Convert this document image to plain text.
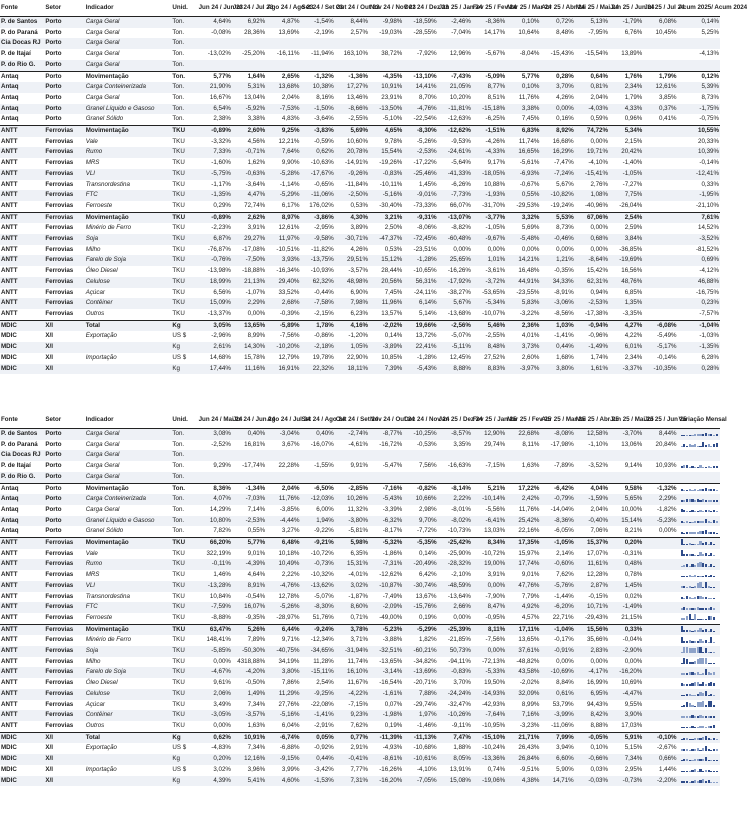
Fonte	Setor	Indicador	Unid.	Jun 24 / Jun 23	Jul 24 / Jul 23	Ago 24 / Ago 23	Set 24 / Set 23	Out 24 / Out 23	Nov 24 / Nov 23	Dez 24 / Dez 23	Jan 25 / Jan 24	Fev 25 / Fev 24	Mar 25 / Mar 24	Abr 25 / Abr 24	Mai 25 / Mai 24	Jun 25 / Jun 24	Jul 25 / Jul 24	Acum 2025/ Acum 2024
P. de Santos	Porto	Carga Geral	Ton.	4,64%	6,92%	4,87%	-1,54%	8,44%	-9,98%	-18,59%	-2,46%	-8,36%	0,10%	0,72%	5,13%	-1,79%	6,08%	0,14%
P. do Paraná	Porto	Carga Geral	Ton.	-0,08%	28,36%	13,69%	-2,19%	2,57%	-19,03%	-28,55%	-7,04%	14,17%	10,64%	8,48%	-7,95%	6,76%	10,45%	5,25%
Cia Docas RJ	Porto	Carga Geral	Ton.															
P. de Itajaí	Porto	Carga Geral	Ton.	-13,02%	-25,20%	-16,11%	-11,94%	163,10%	38,72%	-7,92%	12,96%	-5,67%	-8,04%	-15,43%	-15,54%	13,89%		-4,13%
P. do Rio G.	Porto	Carga Geral	Ton.															
Antaq	Porto	Movimentação	Ton.	5,77%	1,64%	2,65%	-1,32%	-1,36%	-4,35%	-13,10%	-7,43%	-5,09%	5,77%	0,28%	0,64%	1,76%	1,79%	0,12%
Antaq	Porto	Carga Conteinerizada	Ton.	21,90%	5,31%	13,68%	10,38%	17,27%	10,91%	14,41%	21,05%	8,77%	0,10%	3,70%	0,81%	2,34%	12,61%	5,39%
Antaq	Porto	Carga Geral	Ton.	16,67%	13,04%	2,04%	8,16%	13,46%	23,91%	8,70%	10,20%	8,51%	11,76%	4,26%	2,04%	1,79%	3,85%	8,73%
Antaq	Porto	Granel Líquido e Gasoso	Ton.	6,54%	-5,92%	-7,53%	-1,50%	-8,66%	-13,50%	-4,76%	-11,81%	-15,18%	3,38%	0,00%	-4,03%	4,33%	0,37%	-1,75%
Antaq	Porto	Granel Sólido	Ton.	2,38%	3,38%	4,83%	-3,64%	-2,55%	-5,10%	-22,54%	-12,63%	-6,25%	7,45%	0,16%	0,59%	0,96%	0,41%	-0,75%
ANTT	Ferrovias	Movimentação	TKU	-0,89%	2,60%	9,25%	-3,83%	5,69%	4,65%	-8,30%	-12,62%	-1,51%	6,83%	8,92%	74,72%	5,34%		10,55%
ANTT	Ferrovias	Vale	TKU	-3,32%	4,56%	12,21%	-0,59%	10,60%	9,78%	-5,26%	-9,53%	-4,26%	11,74%	16,68%	0,00%	2,15%		20,33%
ANTT	Ferrovias	Rumo	TKU	7,33%	-0,71%	7,64%	0,62%	20,78%	15,54%	-2,53%	-24,61%	-4,33%	16,65%	16,29%	19,71%	20,42%		10,39%
ANTT	Ferrovias	MRS	TKU	-1,60%	1,62%	9,90%	-10,63%	-14,91%	-19,26%	-17,22%	-5,64%	9,17%	-5,61%	-7,47%	-4,10%	-1,40%		-0,14%
ANTT	Ferrovias	VLI	TKU	-5,75%	-0,63%	-5,28%	-17,67%	-9,26%	-0,83%	-25,46%	-41,33%	-18,05%	-6,93%	-7,24%	-15,41%	-1,05%		-12,41%
ANTT	Ferrovias	Transnordestina	TKU	-1,17%	-3,64%	-1,14%	-0,65%	-11,84%	-10,11%	1,45%	-6,26%	10,88%	-0,67%	5,67%	2,76%	-7,27%		0,33%
ANTT	Ferrovias	FTC	TKU	-1,35%	4,47%	-5,29%	-11,06%	-2,50%	-5,16%	-9,01%	-7,73%	-1,93%	0,55%	-10,82%	1,08%	7,75%		-1,95%
ANTT	Ferrovias	Ferroeste	TKU	0,29%	72,74%	6,17%	176,02%	0,53%	-30,40%	-73,33%	66,07%	-31,70%	-29,53%	-19,24%	-40,96%	-26,04%		-21,10%
ANTT	Ferrovias	Movimentação	TKU	-0,89%	2,62%	8,97%	-3,86%	4,30%	3,21%	-9,31%	-13,07%	-3,77%	3,32%	5,53%	67,06%	2,54%		7,61%
ANTT	Ferrovias	Minério de Ferro	TKU	-2,23%	3,91%	12,61%	-2,95%	3,89%	2,50%	-8,06%	-8,82%	-1,05%	5,69%	8,73%	0,00%	2,59%		14,52%
ANTT	Ferrovias	Soja	TKU	6,87%	29,27%	11,97%	-9,58%	-30,71%	-47,37%	-72,45%	-60,48%	-9,67%	-5,48%	-0,46%	0,68%	3,84%		-3,52%
ANTT	Ferrovias	Milho	TKU	-76,87%	-17,08%	-10,51%	-11,82%	4,26%	0,53%	-23,51%	0,00%	0,00%	0,00%	0,00%	0,00%	-36,85%		-81,52%
ANTT	Ferrovias	Farelo de Soja	TKU	-0,76%	-7,50%	3,93%	-13,75%	29,51%	15,12%	-1,28%	25,65%	1,01%	14,21%	1,21%	-8,64%	-19,69%		0,69%
ANTT	Ferrovias	Óleo Diesel	TKU	-13,98%	-18,88%	-16,34%	-10,93%	-3,57%	28,44%	-10,65%	-16,26%	-3,61%	16,48%	-0,35%	15,42%	16,56%		-4,12%
ANTT	Ferrovias	Celulose	TKU	18,99%	21,13%	29,40%	62,32%	48,98%	20,56%	56,31%	-17,92%	-3,72%	44,91%	34,33%	62,31%	48,76%		46,88%
ANTT	Ferrovias	Açúcar	TKU	6,56%	-1,07%	33,52%	-0,44%	6,90%	7,45%	-24,11%	-38,27%	-53,65%	-23,55%	-8,91%	0,94%	6,85%		-16,75%
ANTT	Ferrovias	Contêiner	TKU	15,09%	2,29%	2,68%	-7,58%	7,98%	11,96%	6,14%	5,67%	-5,34%	5,83%	-3,06%	-2,53%	1,35%		0,23%
ANTT	Ferrovias	Outros	TKU	-13,37%	0,00%	-0,39%	-2,15%	6,23%	13,57%	5,14%	-13,68%	-10,07%	-3,22%	-8,56%	-17,38%	-3,35%		-7,57%
MDIC	X/I	Total	Kg	3,05%	13,65%	-5,89%	1,78%	4,16%	-2,02%	19,66%	-2,56%	5,46%	2,36%	1,03%	-0,94%	4,27%	-6,08%	-1,04%
MDIC	X/I	Exportação	US $	-2,96%	8,99%	-7,56%	-0,86%	-1,20%	0,14%	13,72%	-5,07%	-2,55%	4,01%	-1,41%	-0,96%	4,22%	-5,49%	-1,03%
MDIC	X/I		Kg	2,61%	14,30%	-10,20%	-2,18%	1,05%	-3,89%	22,41%	-5,11%	8,48%	3,73%	0,44%	-1,49%	6,01%	-5,17%	-1,35%
MDIC	X/I	Importação	US $	14,68%	15,78%	12,79%	19,78%	22,90%	10,85%	-1,28%	12,45%	27,52%	2,60%	1,68%	1,74%	2,34%	-0,14%	6,28%
MDIC	X/I		Kg	17,44%	11,16%	16,91%	22,32%	18,11%	7,39%	-5,43%	8,88%	8,83%	-3,97%	3,80%	1,61%	-3,37%	-10,35%	0,28%
Fonte	Setor	Indicador	Unid.	Jun 24 / Mai 24	Jul 24 / Jun 24	Ago 24 / Jul 24	Set 24 / Ago 24	Out 24 / Set 24	Nov 24 / Out 24	Dez 24 / Nov 24	Jan 25 / Dez 24	Fev 25 / Jan 25	Mar 25 / Fev 25	Abr 25 / Mar 25	Mai 25 / Abr 25	Jun 25 / Mai 25	Jul 25 / Jun 25	Variação Mensal
P. de Santos	Porto	Carga Geral	Ton.	3,08%	0,40%	-3,04%	0,40%	-2,74%	-8,77%	-10,25%	-8,57%	12,90%	22,68%	-8,08%	12,58%	-3,70%	8,44%	

P. do Paraná	Porto	Carga Geral	Ton.	-2,52%	16,81%	3,67%	-16,07%	-4,61%	-16,72%	-0,53%	3,35%	29,74%	8,11%	-17,98%	-1,10%	13,06%	20,84%	

Cia Docas RJ	Porto	Carga Geral	Ton.															

P. de Itajaí	Porto	Carga Geral	Ton.	9,29%	-17,74%	22,28%	-1,55%	9,91%	-5,47%	7,56%	-16,63%	-7,15%	1,63%	-7,89%	-3,52%	9,14%	10,93%	

P. do Rio G.	Porto	Carga Geral	Ton.															

Antaq	Porto	Movimentação	Ton.	8,36%	-1,34%	2,04%	-6,50%	-2,85%	-7,16%	-0,82%	-8,14%	5,21%	17,22%	-6,42%	4,04%	9,58%	-1,32%	

Antaq	Porto	Carga Conteinerizada	Ton.	4,07%	-7,03%	11,76%	-12,03%	10,26%	-5,43%	10,66%	2,22%	-10,14%	2,42%	-0,79%	-1,59%	5,65%	2,29%	

Antaq	Porto	Carga Geral	Ton.	14,29%	7,14%	-3,85%	6,00%	11,32%	-3,39%	2,98%	-8,01%	-5,56%	11,76%	-14,04%	2,04%	10,00%	-1,82%	

Antaq	Porto	Granel Líquido e Gasoso	Ton.	10,80%	-2,53%	-4,44%	1,94%	-3,80%	-6,32%	9,70%	-8,02%	-6,41%	25,42%	-8,36%	-0,40%	15,14%	-5,23%	

Antaq	Porto	Granel Sólido	Ton.	7,82%	0,55%	3,27%	-9,22%	-5,81%	-8,17%	-7,72%	-10,73%	13,03%	22,16%	-6,05%	7,06%	8,21%	0,00%	

ANTT	Ferrovias	Movimentação	TKU	66,20%	5,77%	6,48%	-9,21%	5,98%	-5,32%	-5,35%	-25,42%	8,34%	17,35%	-1,05%	15,37%	0,20%		

ANTT	Ferrovias	Vale	TKU	322,19%	9,01%	10,18%	-10,72%	6,35%	-1,86%	0,14%	-25,90%	-10,72%	15,97%	2,14%	17,07%	-0,31%		

ANTT	Ferrovias	Rumo	TKU	-0,11%	-4,39%	10,49%	-0,73%	15,31%	-7,31%	-20,49%	-28,32%	19,00%	17,74%	-0,60%	11,61%	0,48%		

ANTT	Ferrovias	MRS	TKU	1,46%	4,64%	2,22%	-10,32%	-4,01%	-12,62%	6,42%	-2,10%	3,91%	9,01%	7,62%	12,28%	0,78%		

ANTT	Ferrovias	VLI	TKU	-13,28%	8,91%	-4,76%	-13,62%	3,02%	-10,87%	-30,74%	-48,59%	0,00%	47,76%	-5,76%	2,87%	1,45%		

ANTT	Ferrovias	Transnordestina	TKU	10,84%	-0,54%	12,78%	-5,07%	-1,87%	-7,49%	13,67%	-13,64%	-7,90%	7,79%	-1,44%	-0,15%	0,02%		

ANTT	Ferrovias	FTC	TKU	-7,59%	16,07%	-5,26%	-8,30%	8,60%	-2,09%	-15,76%	2,66%	8,47%	4,92%	-6,20%	10,71%	-1,49%		

ANTT	Ferrovias	Ferroeste	TKU	-8,88%	-9,35%	-28,97%	51,76%	0,71%	-49,00%	0,19%	0,00%	-0,95%	4,57%	22,71%	-29,43%	21,15%		

ANTT	Ferrovias	Movimentação	TKU	63,47%	5,26%	6,44%	-9,24%	3,78%	-5,23%	-5,29%	-25,39%	8,11%	17,11%	-1,04%	15,56%	0,33%		

ANTT	Ferrovias	Minério de Ferro	TKU	148,41%	7,89%	9,71%	-12,34%	3,71%	-3,88%	1,82%	-21,85%	-7,56%	13,65%	-0,17%	35,66%	-0,04%		

ANTT	Ferrovias	Soja	TKU	-5,85%	-50,30%	-40,75%	-34,65%	-31,94%	-32,51%	-60,21%	50,73%	0,00%	37,61%	-0,91%	2,83%	-2,90%		

ANTT	Ferrovias	Milho	TKU	0,00%	4318,88%	34,19%	11,28%	11,74%	-13,65%	-34,82%	-94,11%	-72,13%	-48,82%	0,00%	0,00%	0,00%		

ANTT	Ferrovias	Farelo de Soja	TKU	-4,67%	-4,20%	3,80%	-15,11%	16,10%	-3,14%	-13,69%	-0,83%	-5,33%	43,58%	-10,69%	-4,17%	-16,20%		

ANTT	Ferrovias	Óleo Diesel	TKU	9,61%	-0,50%	7,86%	2,54%	11,67%	-16,54%	-20,71%	3,70%	19,50%	-2,02%	8,84%	16,99%	10,69%		

ANTT	Ferrovias	Celulose	TKU	2,06%	1,49%	11,29%	-9,25%	-4,22%	-1,61%	7,88%	-24,24%	-14,93%	32,09%	0,61%	6,95%	-4,47%		

ANTT	Ferrovias	Açúcar	TKU	3,49%	7,34%	27,76%	-22,08%	-7,15%	0,07%	-29,74%	-32,47%	-42,93%	8,99%	53,79%	94,43%	9,55%		

ANTT	Ferrovias	Contêiner	TKU	-3,05%	-3,57%	-5,16%	-1,41%	9,23%	-1,98%	1,97%	-10,26%	-7,64%	7,16%	-3,99%	8,42%	3,90%		

ANTT	Ferrovias	Outros	TKU	0,00%	1,63%	6,04%	-2,91%	7,62%	0,19%	-1,46%	-9,11%	-10,95%	-3,23%	-11,06%	8,88%	17,03%		

MDIC	X/I	Total	Kg	0,62%	10,91%	-6,74%	0,05%	0,77%	-11,39%	-11,13%	7,47%	-15,10%	21,71%	7,99%	-0,05%	5,91%	-0,10%	

MDIC	X/I	Exportação	US $	-4,83%	7,34%	-6,88%	-0,92%	2,91%	-4,93%	-10,68%	1,88%	-10,24%	26,43%	3,94%	0,10%	5,15%	-2,67%	

MDIC	X/I		Kg	0,20%	12,16%	-9,15%	0,44%	-0,41%	-8,61%	-10,61%	8,05%	-13,36%	26,84%	6,60%	-0,66%	7,34%	0,66%	

MDIC	X/I	Importação	US $	3,02%	3,96%	3,99%	-3,42%	7,77%	-16,26%	-4,10%	13,91%	0,74%	-9,51%	5,90%	0,03%	2,95%	1,44%	

MDIC	X/I		Kg	4,39%	5,41%	4,60%	-1,53%	7,31%	-16,20%	-7,05%	15,08%	-19,06%	4,38%	14,71%	-0,03%	-0,73%	-2,20%	
